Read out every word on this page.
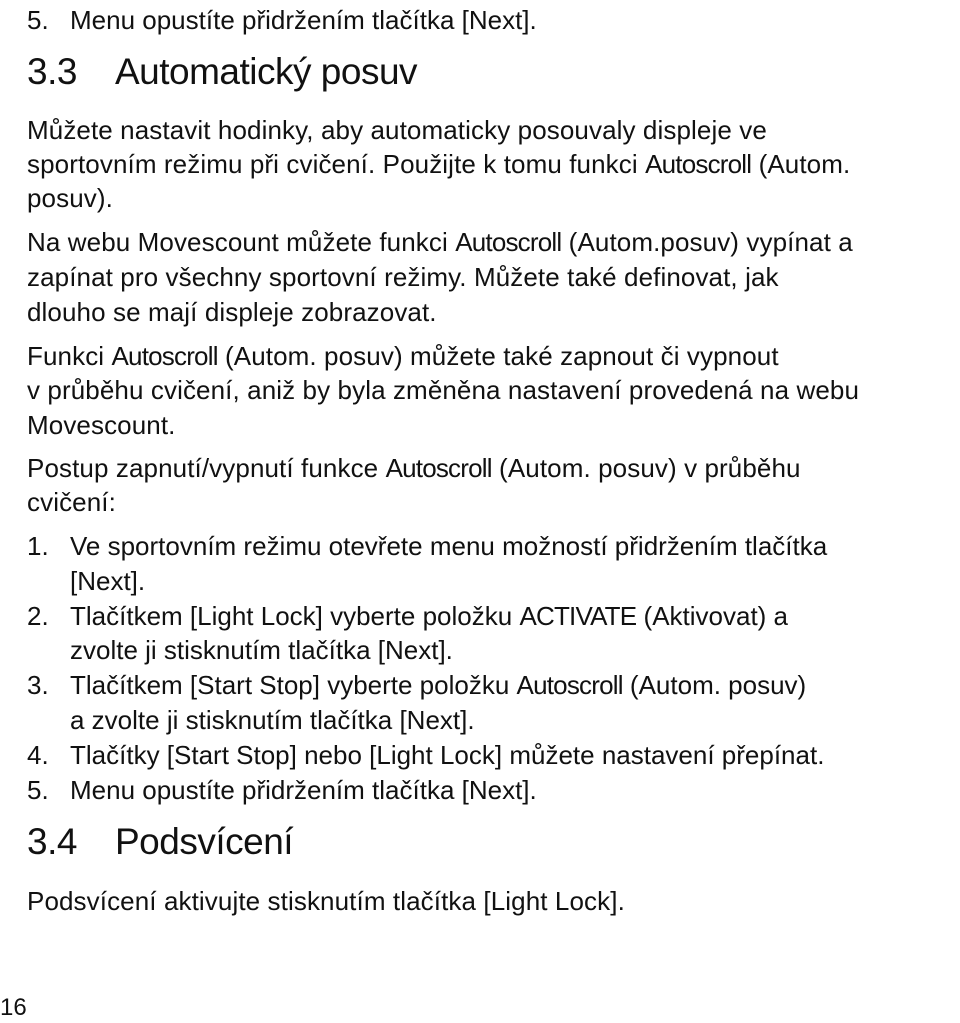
5. Menu opustíte přidržením tlačítka [Next].
3.3 Automatický posuv
Můžete nastavit hodinky, aby automaticky posouvaly displeje ve
sportovním režimu při cvičení. Použijte k tomu funkci Autoscroll (Autom.
posuv).
Na webu Movescount můžete funkci Autoscroll (Autom.posuv) vypínat a
zapínat pro všechny sportovní režimy. Můžete také definovat, jak
dlouho se mají displeje zobrazovat.
Funkci Autoscroll (Autom. posuv) můžete také zapnout či vypnout
v průběhu cvičení, aniž by byla změněna nastavení provedená na webu
Movescount.
Postup zapnutí/vypnutí funkce Autoscroll (Autom. posuv) v průběhu
cvičení:
1. Ve sportovním režimu otevřete menu možností přidržením tlačítka
[Next].
2. Tlačítkem [Light Lock] vyberte položku ACTIVATE (Aktivovat) a
zvolte ji stisknutím tlačítka [Next].
3. Tlačítkem [Start Stop] vyberte položku Autoscroll (Autom. posuv)
a zvolte ji stisknutím tlačítka [Next].
4. Tlačítky [Start Stop] nebo [Light Lock] můžete nastavení přepínat.
5. Menu opustíte přidržením tlačítka [Next].
3.4 Podsvícení
Podsvícení aktivujte stisknutím tlačítka [Light Lock].
16
